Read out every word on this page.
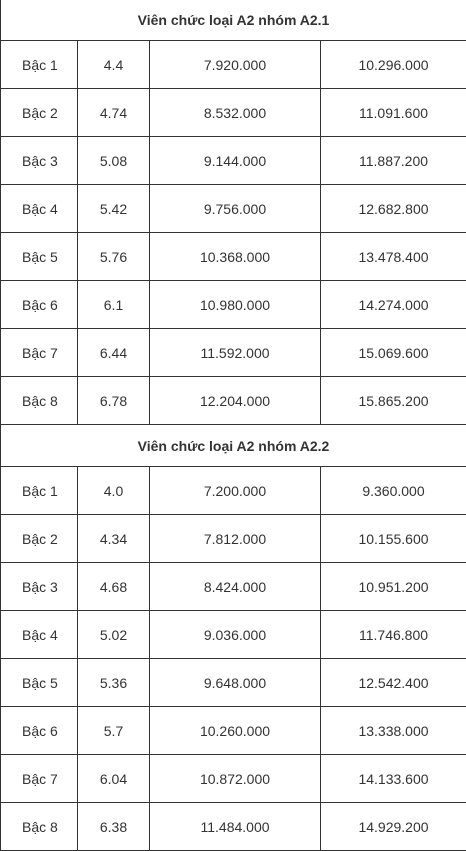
Viên chức loại A2 nhóm A2.1			
Bậc 1	4.4	7.920.000	10.296.000
Bậc 2	4.74	8.532.000	11.091.600
Bậc 3	5.08	9.144.000	11.887.200
Bậc 4	5.42	9.756.000	12.682.800
Bậc 5	5.76	10.368.000	13.478.400
Bậc 6	6.1	10.980.000	14.274.000
Bậc 7	6.44	11.592.000	15.069.600
Bậc 8	6.78	12.204.000	15.865.200
Viên chức loại A2 nhóm A2.2			
Bậc 1	4.0	7.200.000	9.360.000
Bậc 2	4.34	7.812.000	10.155.600
Bậc 3	4.68	8.424.000	10.951.200
Bậc 4	5.02	9.036.000	11.746.800
Bậc 5	5.36	9.648.000	12.542.400
Bậc 6	5.7	10.260.000	13.338.000
Bậc 7	6.04	10.872.000	14.133.600
Bậc 8	6.38	11.484.000	14.929.200
